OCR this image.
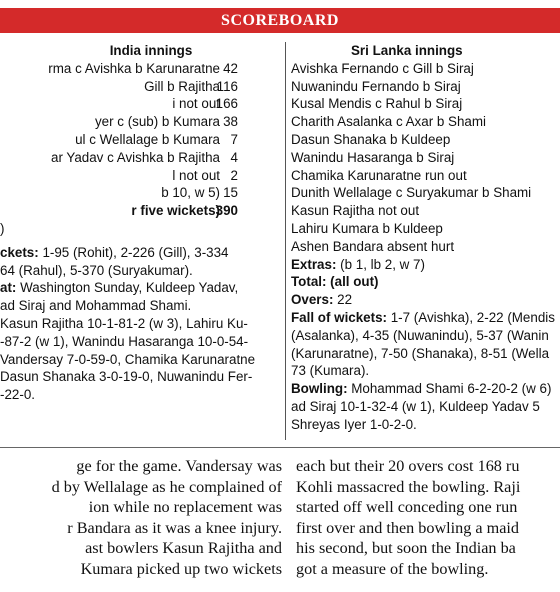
SCOREBOARD
India innings
rma c Avishka b Karunaratne 42
Gill b Rajitha
116
i not out
166
yer c (sub) b Kumara 38
ul c Wellalage b Kumara 7
ar Yadav c Avishka b Rajitha 4
l not out 2
b 10, w 5) 15
r five wickets)
390
)
ckets: 1-95 (Rohit), 2-226 (Gill), 3-334
64 (Rahul), 5-370 (Suryakumar).
at: Washington Sunday, Kuldeep Yadav,
ad Siraj and Mohammad Shami.
Kasun Rajitha 10-1-81-2 (w 3), Lahiru Ku-
-87-2 (w 1), Wanindu Hasaranga 10-0-54-
Vandersay 7-0-59-0, Chamika Karunaratne
Dasun Shanaka 3-0-19-0, Nuwanindu Fer-
-22-0.
Sri Lanka innings
Avishka Fernando c Gill b Siraj
Nuwanindu Fernando b Siraj
Kusal Mendis c Rahul b Siraj
Charith Asalanka c Axar b Shami
Dasun Shanaka b Kuldeep
Wanindu Hasaranga b Siraj
Chamika Karunaratne run out
Dunith Wellalage c Suryakumar b Shami
Kasun Rajitha not out
Lahiru Kumara b Kuldeep
Ashen Bandara absent hurt
Extras: (b 1, lb 2, w 7)
Total: (all out)
Overs: 22
Fall of wickets: 1-7 (Avishka), 2-22 (Mendis
(Asalanka), 4-35 (Nuwanindu), 5-37 (Wanin
(Karunaratne), 7-50 (Shanaka), 8-51 (Wella
73 (Kumara).
Bowling: Mohammad Shami 6-2-20-2 (w 6)
ad Siraj 10-1-32-4 (w 1), Kuldeep Yadav 5
Shreyas Iyer 1-0-2-0.
ge for the game. Vandersay was
d by Wellalage as he complained of
ion while no replacement was
r Bandara as it was a knee injury.
ast bowlers Kasun Rajitha and
Kumara picked up two wickets
each but their 20 overs cost 168 ru
Kohli massacred the bowling. Raji
started off well conceding one run
first over and then bowling a maid
his second, but soon the Indian ba
got a measure of the bowling.
